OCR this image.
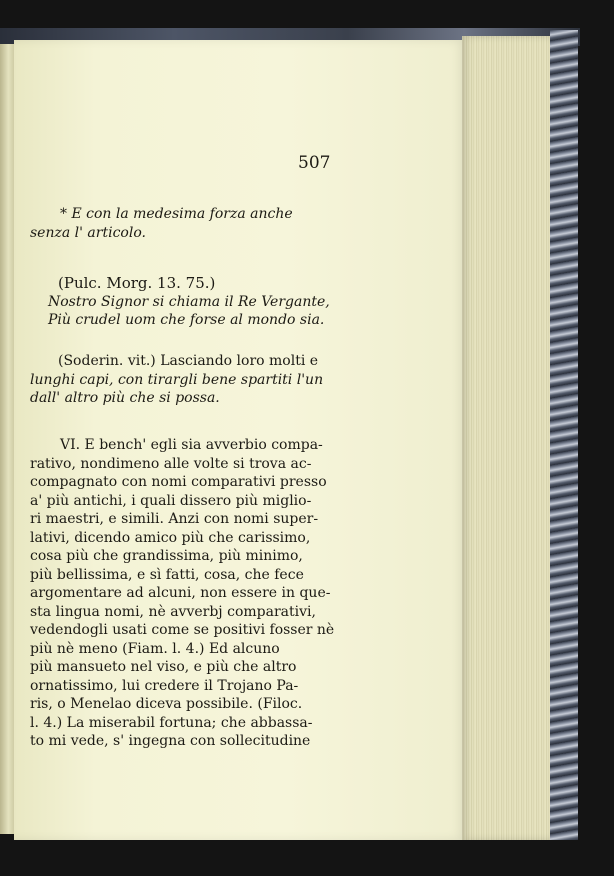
507
* E con la medesima forza anche
senza l' articolo.
(Pulc. Morg. 13. 75.)
Nostro Signor si chiama il Re Vergante,
Più crudel uom che forse al mondo sia.
(Soderin. vit.) Lasciando loro molti e
lunghi capi, con tirargli bene spartiti l'un
dall' altro più che si possa.
VI. E bench' egli sia avverbio compa-
rativo, nondimeno alle volte si trova ac-
compagnato con nomi comparativi presso
a' più antichi, i quali dissero più miglio-
ri maestri, e simili. Anzi con nomi super-
lativi, dicendo amico più che carissimo,
cosa più che grandissima, più minimo,
più bellissima, e sì fatti, cosa, che fece
argomentare ad alcuni, non essere in que-
sta lingua nomi, nè avverbj comparativi,
vedendogli usati come se positivi fosser nè
più nè meno (Fiam. l. 4.) Ed alcuno
più mansueto nel viso, e più che altro
ornatissimo, lui credere il Trojano Pa-
ris, o Menelao diceva possibile. (Filoc.
l. 4.) La miserabil fortuna; che abbassa-
to mi vede, s' ingegna con sollecitudine
